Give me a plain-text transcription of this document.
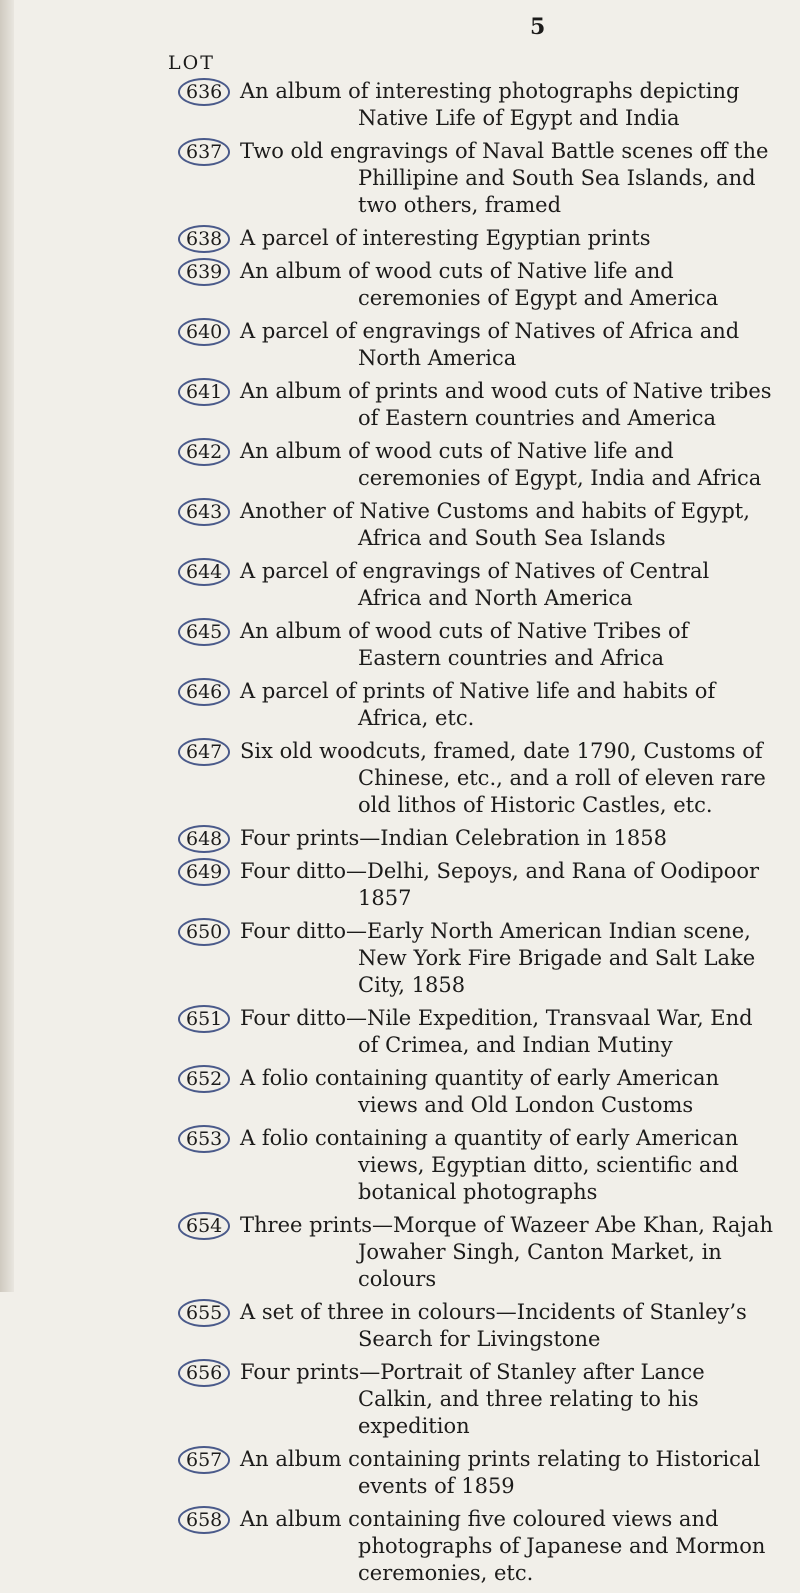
5
LOT
636 An album of interesting photographs depicting Native Life of Egypt and India
637 Two old engravings of Naval Battle scenes off the Phillipine and South Sea Islands, and two others, framed
638 A parcel of interesting Egyptian prints
639 An album of wood cuts of Native life and ceremonies of Egypt and America
640 A parcel of engravings of Natives of Africa and North America
641 An album of prints and wood cuts of Native tribes of Eastern countries and America
642 An album of wood cuts of Native life and ceremonies of Egypt, India and Africa
643 Another of Native Customs and habits of Egypt, Africa and South Sea Islands
644 A parcel of engravings of Natives of Central Africa and North America
645 An album of wood cuts of Native Tribes of Eastern countries and Africa
646 A parcel of prints of Native life and habits of Africa, etc.
647 Six old woodcuts, framed, date 1790, Customs of Chinese, etc., and a roll of eleven rare old lithos of Historic Castles, etc.
648 Four prints—Indian Celebration in 1858
649 Four ditto—Delhi, Sepoys, and Rana of Oodipoor 1857
650 Four ditto—Early North American Indian scene, New York Fire Brigade and Salt Lake City, 1858
651 Four ditto—Nile Expedition, Transvaal War, End of Crimea, and Indian Mutiny
652 A folio containing quantity of early American views and Old London Customs
653 A folio containing a quantity of early American views, Egyptian ditto, scientific and botanical photographs
654 Three prints—Morque of Wazeer Abe Khan, Rajah Jowaher Singh, Canton Market, in colours
655 A set of three in colours—Incidents of Stanley’s Search for Livingstone
656 Four prints—Portrait of Stanley after Lance Calkin, and three relating to his expedition
657 An album containing prints relating to Historical events of 1859
658 An album containing five coloured views and photographs of Japanese and Mormon ceremonies, etc.
